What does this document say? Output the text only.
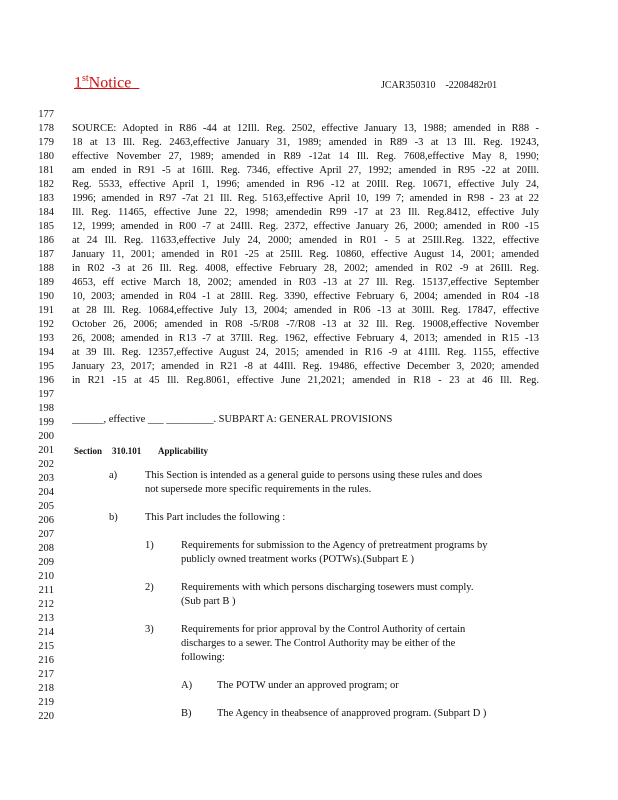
1stNotice	JCAR350310    -2208482r01
177
178
179
180
181
182
183
184
185
186
187
188
189
190
191
192
193
194
195
196
197
198
199
200
201
202
203
204
205
206
207
208
209
210
211
212
213
214
215
216
217
218
219
220
SOURCE: Adopted in R86 -44 at 12Ill. Reg. 2502, effective January 13, 1988; amended in R88 -
18 at 13 Ill. Reg. 2463,effective January 31, 1989; amended in R89 -3 at 13 Ill. Reg. 19243,
effective November 27, 1989; amended in R89 -12at 14 Ill. Reg. 7608,effective May 8, 1990;
am ended in R91 -5 at 16Ill. Reg. 7346, effective April 27, 1992; amended in R95 -22 at 20Ill.
Reg. 5533, effective April 1, 1996; amended in R96 -12 at 20Ill. Reg. 10671, effective July 24,
1996; amended in R97 -7at 21 Ill. Reg. 5163,effective April 10, 199 7; amended in R98 - 23 at 22
Ill. Reg. 11465, effective June 22, 1998; amendedin R99 -17 at 23 Ill. Reg.8412, effective July
12, 1999; amended in R00 -7 at 24Ill. Reg. 2372, effective January 26, 2000; amended in R00 -15
at 24 Ill. Reg. 11633,effective July 24, 2000; amended in R01 - 5 at 25Ill.Reg. 1322, effective
January 11, 2001; amended in R01 -25 at 25Ill. Reg. 10860, effective August 14, 2001; amended
in R02 -3 at 26 Ill. Reg. 4008, effective February 28, 2002; amended in R02 -9 at 26Ill. Reg.
4653, eff ective March 18, 2002; amended in R03 -13 at 27 Ill. Reg. 15137,effective September
10, 2003; amended in R04 -1 at 28Ill. Reg. 3390, effective February 6, 2004; amended in R04 -18
at 28 Ill. Reg. 10684,effective July 13, 2004; amended in R06 -13 at 30Ill. Reg. 17847, effective
October 26, 2006; amended in R08 -5/R08 -7/R08 -13 at 32 Ill. Reg. 19008,effective November
26, 2008; amended in R13 -7 at 37Ill. Reg. 1962, effective February 4, 2013; amended in R15 -13
at 39 Ill. Reg. 12357,effective August 24, 2015; amended in R16 -9 at 41Ill. Reg. 1155, effective
January 23, 2017; amended in R21 -8 at 44Ill. Reg. 19486, effective December 3, 2020; amended
in R21 -15 at 45 Ill. Reg.8061, effective June 21,2021; amended in R18 - 23 at 46 Ill. Reg.
______, effective ___ _________. SUBPART A: GENERAL PROVISIONS
Section 310.101 Applicability
a)	This Section is intended as a general guide to persons using these rules and does
not supersede more specific requirements in the rules.
b)	This Part includes the following :
1)	Requirements for submission to the Agency of pretreatment programs by
publicly owned treatment works (POTWs).(Subpart E )
2)	Requirements with which persons discharging tosewers must comply.
(Sub part B )
3)	Requirements for prior approval by the Control Authority of certain
discharges to a sewer. The Control Authority may be either of the
following:
A) The POTW under an approved program; or
B) The Agency in theabsence of anapproved program. (Subpart D )
